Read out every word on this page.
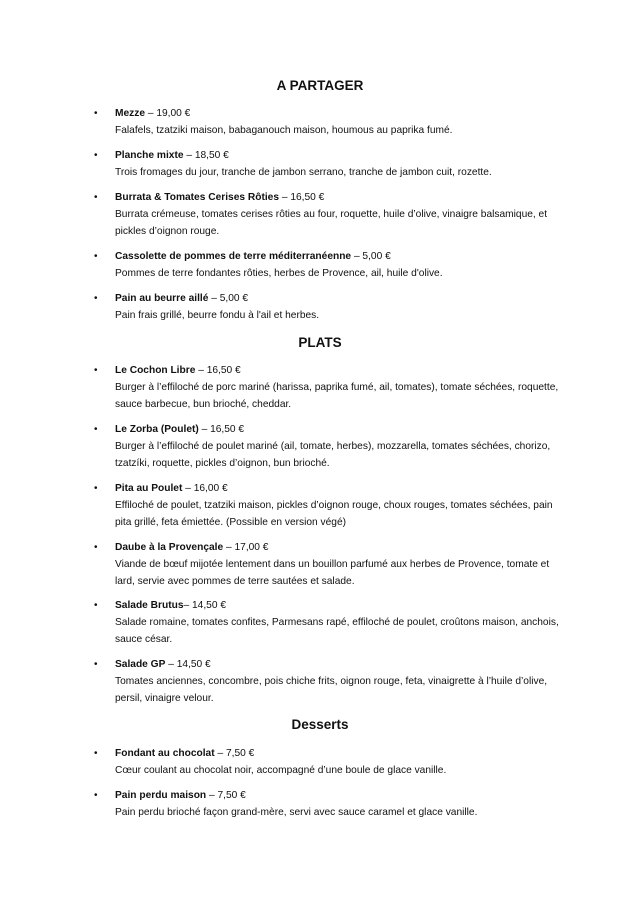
A PARTAGER
• Mezze – 19,00 €
Falafels, tzatziki maison, babaganouch maison, houmous au paprika fumé.
• Planche mixte – 18,50 €
Trois fromages du jour, tranche de jambon serrano, tranche de jambon cuit, rozette.
• Burrata & Tomates Cerises Rôties – 16,50 €
Burrata crémeuse, tomates cerises rôties au four, roquette, huile d’olive, vinaigre balsamique, et pickles d’oignon rouge.
• Cassolette de pommes de terre méditerranéenne – 5,00 €
Pommes de terre fondantes rôties, herbes de Provence, ail, huile d'olive.
• Pain au beurre aillé – 5,00 €
Pain frais grillé, beurre fondu à l'ail et herbes.
PLATS
• Le Cochon Libre – 16,50 €
Burger à l’effiloché de porc mariné (harissa, paprika fumé, ail, tomates), tomate séchées, roquette, sauce barbecue, bun brioché, cheddar.
• Le Zorba (Poulet) – 16,50 €
Burger à l’effiloché de poulet mariné (ail, tomate, herbes), mozzarella, tomates séchées, chorizo, tzatzíki, roquette, pickles d’oignon, bun brioché.
• Pita au Poulet – 16,00 €
Effiloché de poulet, tzatziki maison, pickles d’oignon rouge, choux rouges, tomates séchées, pain pita grillé, feta émiettée. (Possible en version végé)
• Daube à la Provençale – 17,00 €
Viande de bœuf mijotée lentement dans un bouillon parfumé aux herbes de Provence, tomate et lard, servie avec pommes de terre sautées et salade.
• Salade Brutus– 14,50 €
Salade romaine, tomates confites, Parmesans rapé, effiloché de poulet, croûtons maison, anchois, sauce césar.
• Salade GP – 14,50 €
Tomates anciennes, concombre, pois chiche frits, oignon rouge, feta, vinaigrette à l’huile d’olive, persil, vinaigre velour.
Desserts
• Fondant au chocolat – 7,50 €
Cœur coulant au chocolat noir, accompagné d’une boule de glace vanille.
• Pain perdu maison – 7,50 €
Pain perdu brioché façon grand-mère, servi avec sauce caramel et glace vanille.
